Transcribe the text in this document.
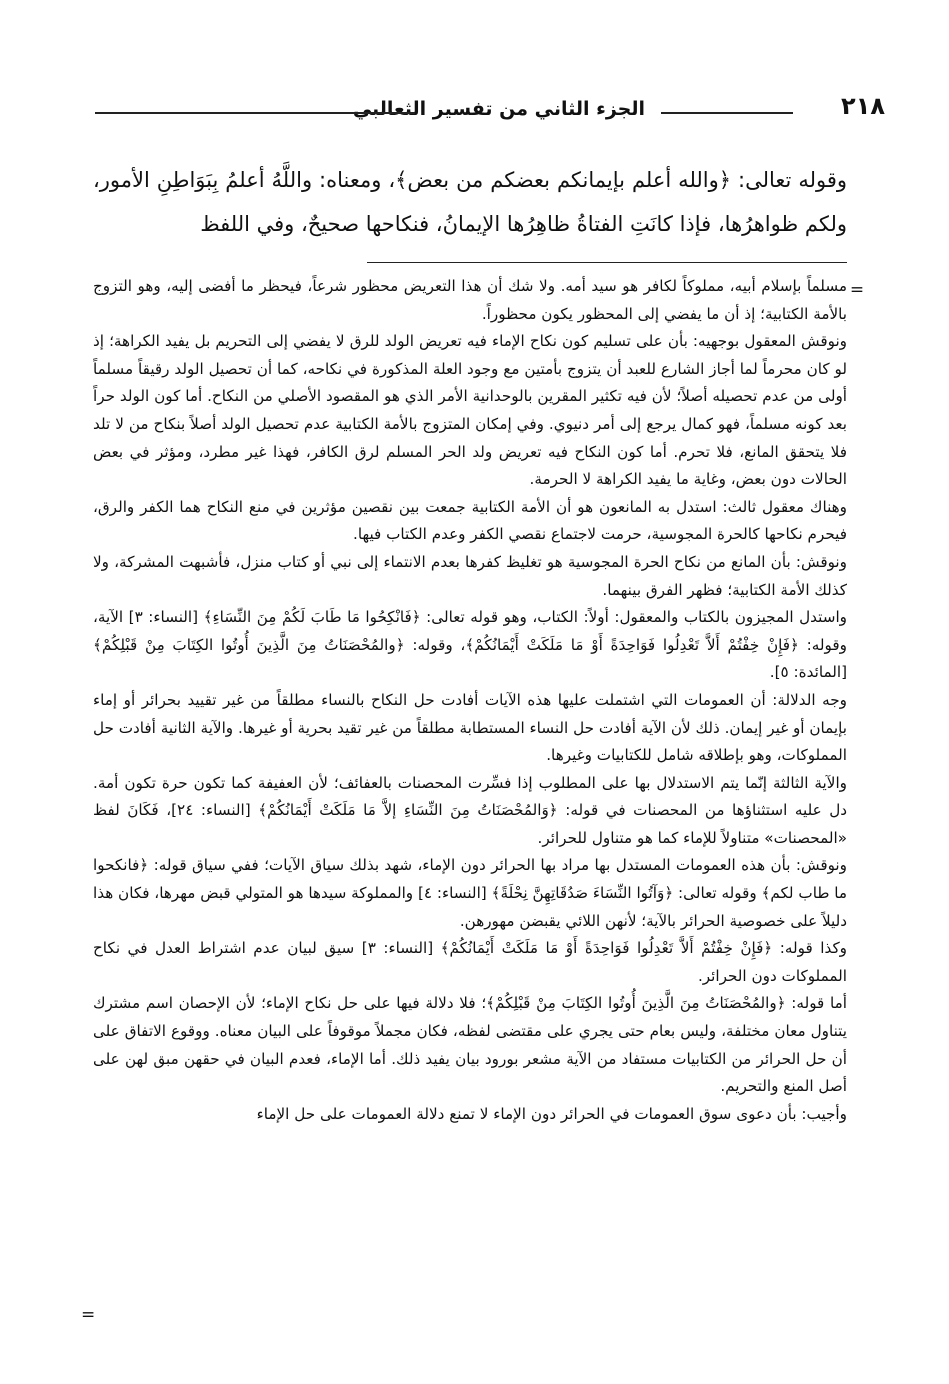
٢١٨
الجزء الثاني من تفسير الثعالبي

وقوله تعالى: ﴿والله أعلم بإيمانكم بعضكم من بعض﴾، ومعناه: واللَّهُ أعلمُ بِبَوَاطِنِ الأمور، ولكم ظواهرُها، فإذا كانَتِ الفتاةُ ظاهِرُها الإيمانُ، فنكاحها صحيحٌ، وفي اللفظ

=

مسلماً بإسلام أبيه، مملوكاً لكافر هو سيد أمه. ولا شك أن هذا التعريض محظور شرعاً، فيحظر ما أفضى إليه، وهو التزوج بالأمة الكتابية؛ إذ أن ما يفضي إلى المحظور يكون محظوراً.

ونوقش المعقول بوجهيه: بأن على تسليم كون نكاح الإماء فيه تعريض الولد للرق لا يفضي إلى التحريم بل يفيد الكراهة؛ إذ لو كان محرماً لما أجاز الشارع للعبد أن يتزوج بأمتين مع وجود العلة المذكورة في نكاحه، كما أن تحصيل الولد رقيقاً مسلماً أولى من عدم تحصيله أصلاً؛ لأن فيه تكثير المقرين بالوحدانية الأمر الذي هو المقصود الأصلي من النكاح. أما كون الولد حراً بعد كونه مسلماً، فهو كمال يرجع إلى أمر دنيوي. وفي إمكان المتزوج بالأمة الكتابية عدم تحصيل الولد أصلاً بنكاح من لا تلد فلا يتحقق المانع، فلا تحرم. أما كون النكاح فيه تعريض ولد الحر المسلم لرق الكافر، فهذا غير مطرد، ومؤثر في بعض الحالات دون بعض، وغاية ما يفيد الكراهة لا الحرمة.

وهناك معقول ثالث: استدل به المانعون هو أن الأمة الكتابية جمعت بين نقصين مؤثرين في منع النكاح هما الكفر والرق، فيحرم نكاحها كالحرة المجوسية، حرمت لاجتماع نقصي الكفر وعدم الكتاب فيها.

ونوقش: بأن المانع من نكاح الحرة المجوسية هو تغليظ كفرها بعدم الانتماء إلى نبي أو كتاب منزل، فأشبهت المشركة، ولا كذلك الأمة الكتابية؛ فظهر الفرق بينهما.

واستدل المجيزون بالكتاب والمعقول: أولاً: الكتاب، وهو قوله تعالى: ﴿فَانْكِحُوا مَا طَابَ لَكُمْ مِنَ النِّسَاءِ﴾ [النساء: ٣] الآية، وقوله: ﴿فَإِنْ خِفْتُمْ أَلاَّ تَعْدِلُوا فَوَاحِدَةً أَوْ مَا مَلَكَتْ أَيْمَانُكُمْ﴾، وقوله: ﴿والمُحْصَنَاتُ مِنَ الَّذِينَ أُوتُوا الكِتَابَ مِنْ قَبْلِكُمْ﴾ [المائدة: ٥].

وجه الدلالة: أن العمومات التي اشتملت عليها هذه الآيات أفادت حل النكاح بالنساء مطلقاً من غير تقييد بحرائر أو إماء بإيمان أو غير إيمان. ذلك لأن الآية أفادت حل النساء المستطابة مطلقاً من غير تقيد بحرية أو غيرها. والآية الثانية أفادت حل المملوكات، وهو بإطلاقه شامل للكتابيات وغيرها.

والآية الثالثة إنّما يتم الاستدلال بها على المطلوب إذا فسِّرت المحصنات بالعفائف؛ لأن العفيفة كما تكون حرة تكون أمة. دل عليه استثناؤها من المحصنات في قوله: ﴿وَالمُحْصَنَاتُ مِنَ النِّسَاءِ إلاَّ مَا مَلَكَتْ أَيْمَانُكُمْ﴾ [النساء: ٢٤]، فَكَانَ لفظ «المحصنات» متناولاً للإماء كما هو متناول للحرائر.

ونوقش: بأن هذه العمومات المستدل بها مراد بها الحرائر دون الإماء، شهد بذلك سياق الآيات؛ ففي سياق قوله: ﴿فانكحوا ما طاب لكم﴾ وقوله تعالى: ﴿وَآتُوا النِّسَاءَ صَدُقَاتِهِنَّ نِحْلَةً﴾ [النساء: ٤] والمملوكة سيدها هو المتولي قبض مهرها، فكان هذا دليلاً على خصوصية الحرائر بالآية؛ لأنهن اللائي يقبضن مهورهن.

وكذا قوله: ﴿فَإِنْ خِفْتُمْ أَلاَّ تَعْدِلُوا فَوَاحِدَةً أَوْ مَا مَلَكَتْ أَيْمَانُكُمْ﴾ [النساء: ٣] سيق لبيان عدم اشتراط العدل في نكاح المملوكات دون الحرائر.

أما قوله: ﴿والمُحْصَنَاتُ مِنَ الَّذِينَ أُوتُوا الكِتَابَ مِنْ قَبْلِكُمْ﴾؛ فلا دلالة فيها على حل نكاح الإماء؛ لأن الإحصان اسم مشترك يتناول معان مختلفة، وليس بعام حتى يجري على مقتضى لفظه، فكان مجملاً موقوفاً على البيان معناه. ووقوع الاتفاق على أن حل الحرائر من الكتابيات مستفاد من الآية مشعر بورود بيان يفيد ذلك. أما الإماء، فعدم البيان في حقهن مبق لهن على أصل المنع والتحريم.

وأجيب: بأن دعوى سوق العمومات في الحرائر دون الإماء لا تمنع دلالة العمومات على حل الإماء

=
